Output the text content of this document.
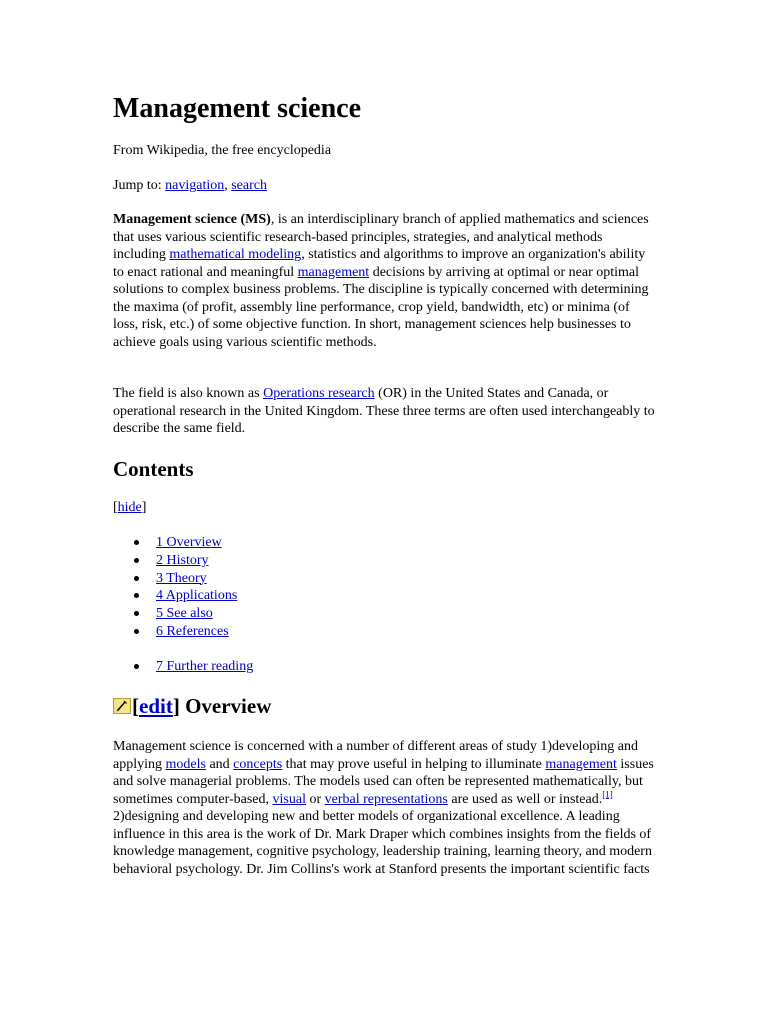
Management science

From Wikipedia, the free encyclopedia

Jump to: navigation, search

Management science (MS), is an interdisciplinary branch of applied mathematics and sciences that uses various scientific research-based principles, strategies, and analytical methods including mathematical modeling, statistics and algorithms to improve an organization's ability to enact rational and meaningful management decisions by arriving at optimal or near optimal solutions to complex business problems. The discipline is typically concerned with determining the maxima (of profit, assembly line performance, crop yield, bandwidth, etc) or minima (of loss, risk, etc.) of some objective function. In short, management sciences help businesses to achieve goals using various scientific methods.

The field is also known as Operations research (OR) in the United States and Canada, or operational research in the United Kingdom. These three terms are often used interchangeably to describe the same field.

Contents

[hide]

1 Overview
2 History
3 Theory
4 Applications
5 See also
6 References
7 Further reading
[ edit ] Overview

Management science is concerned with a number of different areas of study 1)developing and applying models and concepts that may prove useful in helping to illuminate management issues and solve managerial problems. The models used can often be represented mathematically, but sometimes computer-based, visual or verbal representations are used as well or instead.[1] 2)designing and developing new and better models of organizational excellence. A leading influence in this area is the work of Dr. Mark Draper which combines insights from the fields of knowledge management, cognitive psychology, leadership training, learning theory, and modern behavioral psychology. Dr. Jim Collins's work at Stanford presents the important scientific facts
